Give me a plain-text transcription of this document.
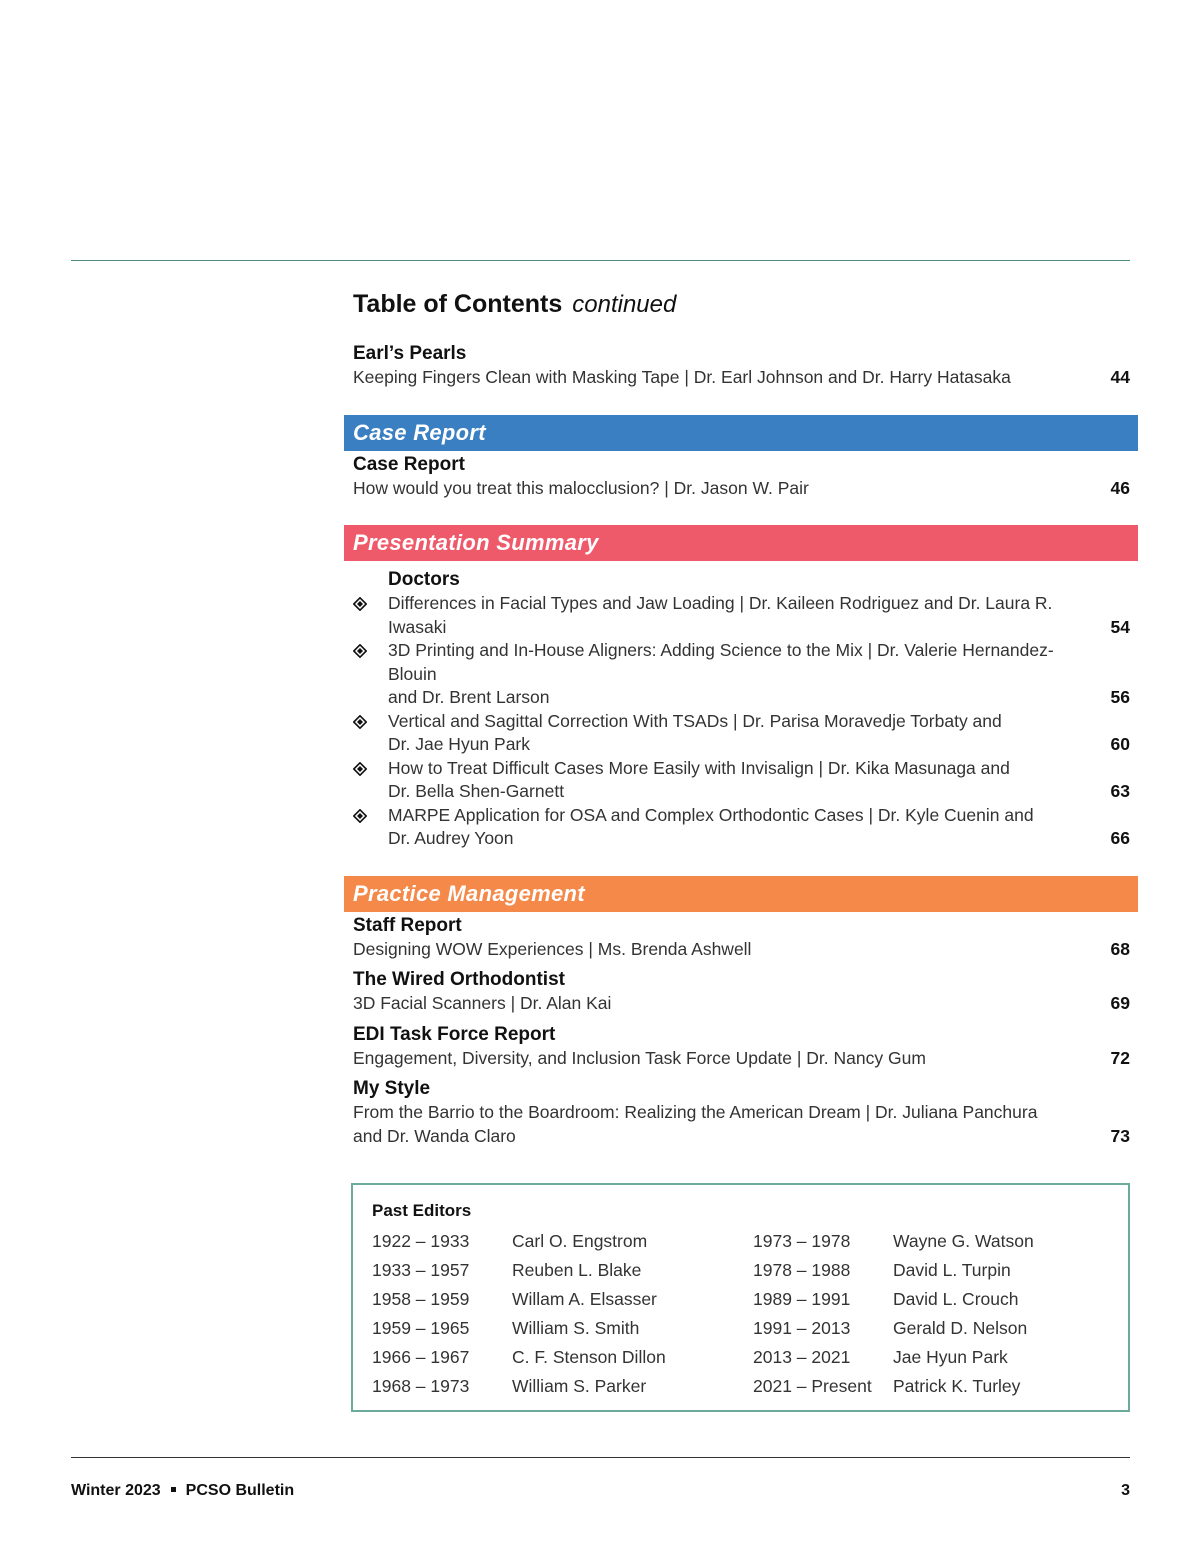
Table of Contents continued
Earl’s Pearls
Keeping Fingers Clean with Masking Tape | Dr. Earl Johnson and Dr. Harry Hatasaka	44
Case Report
Case Report
How would you treat this malocclusion? | Dr. Jason W. Pair	46
Presentation Summary
Doctors
Differences in Facial Types and Jaw Loading | Dr. Kaileen Rodriguez and Dr. Laura R. Iwasaki	54
3D Printing and In-House Aligners: Adding Science to the Mix | Dr. Valerie Hernandez-Blouin
and Dr. Brent Larson	56
Vertical and Sagittal Correction With TSADs | Dr. Parisa Moravedje Torbaty and
Dr. Jae Hyun Park	60
How to Treat Difficult Cases More Easily with Invisalign | Dr. Kika Masunaga and
Dr. Bella Shen-Garnett	63
MARPE Application for OSA and Complex Orthodontic Cases | Dr. Kyle Cuenin and
Dr. Audrey Yoon	66
Practice Management
Staff Report
Designing WOW Experiences | Ms. Brenda Ashwell	68
The Wired Orthodontist
3D Facial Scanners | Dr. Alan Kai	69
EDI Task Force Report
Engagement, Diversity, and Inclusion Task Force Update | Dr. Nancy Gum	72
My Style
From the Barrio to the Boardroom: Realizing the American Dream | Dr. Juliana Panchura
and Dr. Wanda Claro	73
Past Editors
1922 – 1933 Carl O. Engstrom	1973 – 1978 Wayne G. Watson
1933 – 1957 Reuben L. Blake	1978 – 1988 David L. Turpin
1958 – 1959 Willam A. Elsasser	1989 – 1991 David L. Crouch
1959 – 1965 William S. Smith	1991 – 2013 Gerald D. Nelson
1966 – 1967 C. F. Stenson Dillon	2013 – 2021 Jae Hyun Park
1968 – 1973 William S. Parker	2021 – Present Patrick K. Turley
Winter 2023 PCSO Bulletin	3
